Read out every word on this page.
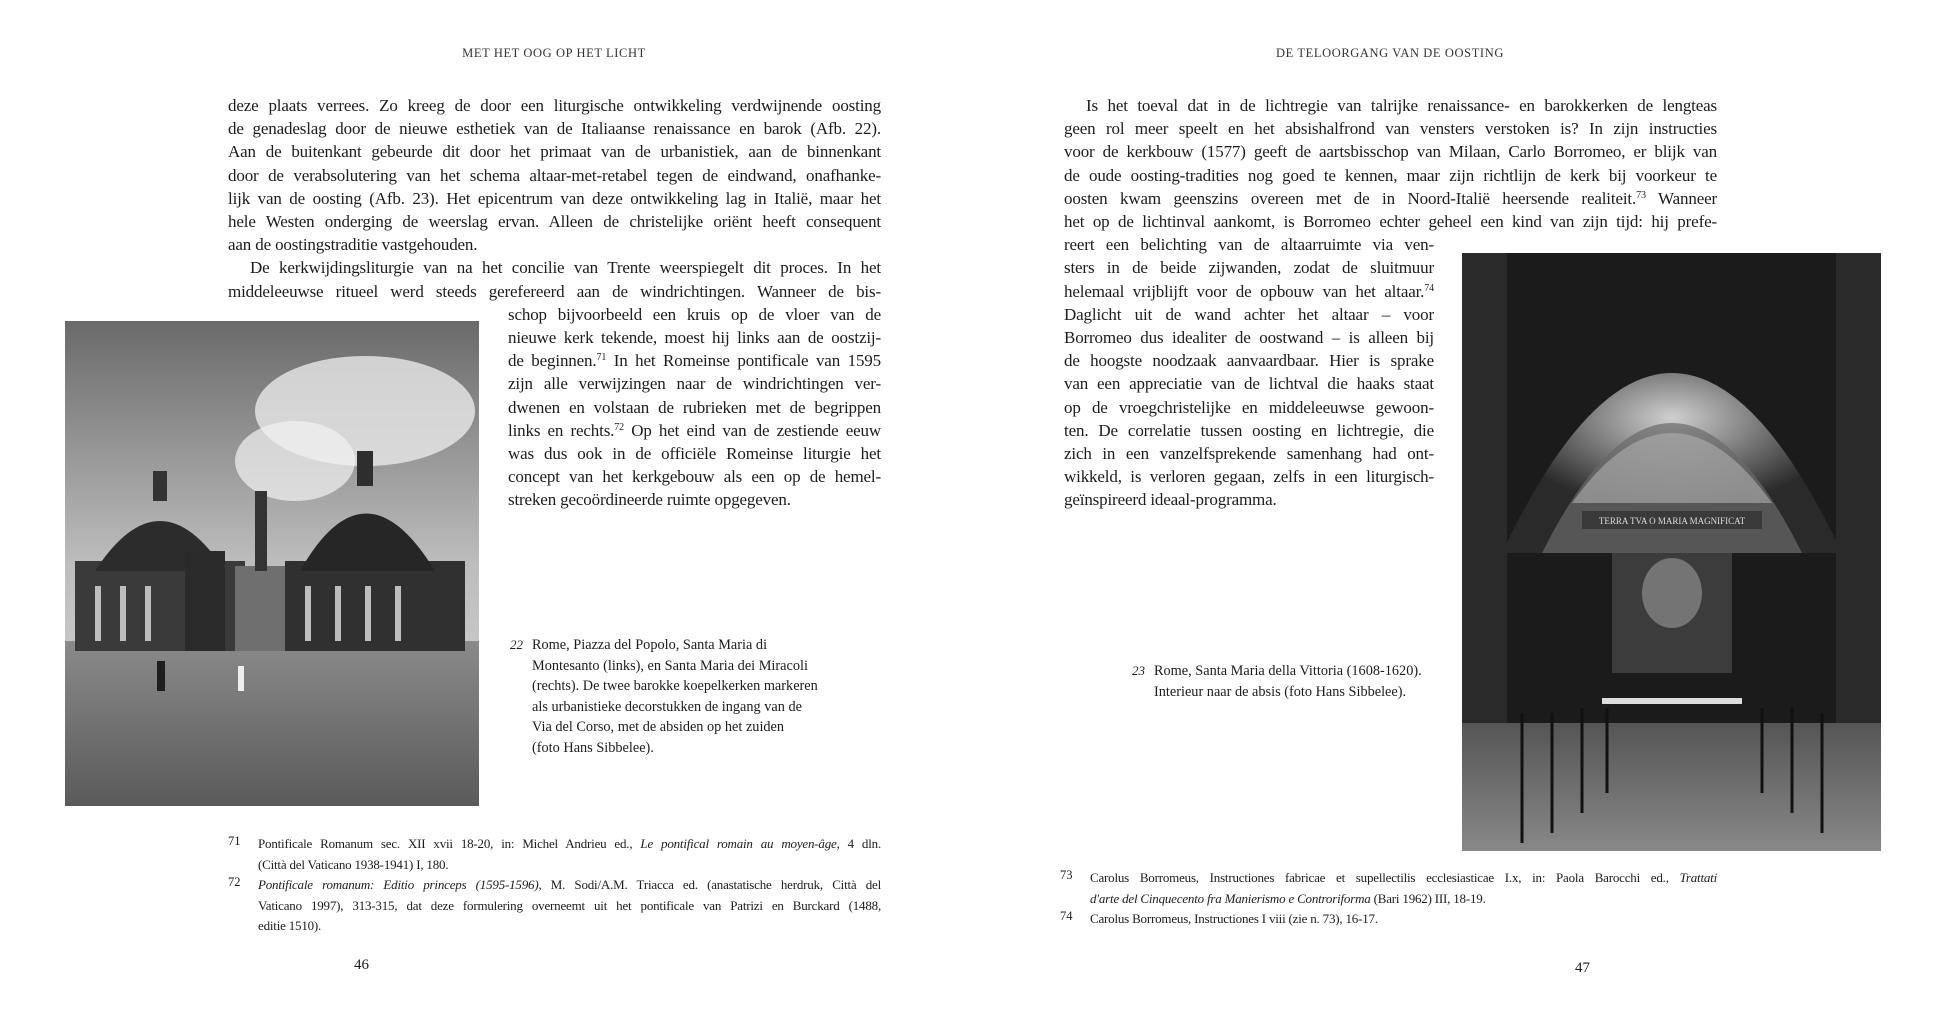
MET HET OOG OP HET LICHT
deze plaats verrees. Zo kreeg de door een liturgische ontwikkeling verdwijnende oosting
de genadeslag door de nieuwe esthetiek van de Italiaanse renaissance en barok (Afb. 22).
Aan de buitenkant gebeurde dit door het primaat van de urbanistiek, aan de binnenkant
door de verabsolutering van het schema altaar-met-retabel tegen de eindwand, onafhanke-
lijk van de oosting (Afb. 23). Het epicentrum van deze ontwikkeling lag in Italië, maar het
hele Westen onderging de weerslag ervan. Alleen de christelijke oriënt heeft consequent
aan de oostingstraditie vastgehouden.
De kerkwijdingsliturgie van na het concilie van Trente weerspiegelt dit proces. In het
middeleeuwse ritueel werd steeds gerefereerd aan de windrichtingen. Wanneer de bis-
schop bijvoorbeeld een kruis op de vloer van de
nieuwe kerk tekende, moest hij links aan de oostzij-
de beginnen.$^{71}$ In het Romeinse pontificale van 1595
zijn alle verwijzingen naar de windrichtingen ver-
dwenen en volstaan de rubrieken met de begrippen
links en rechts.$^{72}$ Op het eind van de zestiende eeuw
was dus ook in de officiële Romeinse liturgie het
concept van het kerkgebouw als een op de hemel-
streken gecoördineerde ruimte opgegeven.
22 Rome, Piazza del Popolo, Santa Maria di
Montesanto (links), en Santa Maria dei Miracoli
(rechts). De twee barokke koepelkerken markeren
als urbanistieke decorstukken de ingang van de
Via del Corso, met de absiden op het zuiden
(foto Hans Sibbelee).
71 Pontificale Romanum sec. XII xvii 18-20, in: Michel Andrieu ed., Le pontifical romain au moyen-âge, 4 dln.
(Città del Vaticano 1938-1941) I, 180.
72 Pontificale romanum: Editio princeps (1595-1596), M. Sodi/A.M. Triacca ed. (anastatische herdruk, Città del
Vaticano 1997), 313-315, dat deze formulering overneemt uit het pontificale van Patrizi en Burckard (1488,
editie 1510).
46
DE TELOORGANG VAN DE OOSTING
Is het toeval dat in de lichtregie van talrijke renaissance- en barokkerken de lengteas
geen rol meer speelt en het absishalfrond van vensters verstoken is? In zijn instructies
voor de kerkbouw (1577) geeft de aartsbisschop van Milaan, Carlo Borromeo, er blijk van
de oude oosting-tradities nog goed te kennen, maar zijn richtlijn de kerk bij voorkeur te
oosten kwam geenszins overeen met de in Noord-Italië heersende realiteit.$^{73}$ Wanneer
het op de lichtinval aankomt, is Borromeo echter geheel een kind van zijn tijd: hij prefe-
reert een belichting van de altaarruimte via ven-
sters in de beide zijwanden, zodat de sluitmuur
helemaal vrijblijft voor de opbouw van het altaar.$^{74}$
Daglicht uit de wand achter het altaar – voor
Borromeo dus idealiter de oostwand – is alleen bij
de hoogste noodzaak aanvaardbaar. Hier is sprake
van een appreciatie van de lichtval die haaks staat
op de vroegchristelijke en middeleeuwse gewoon-
ten. De correlatie tussen oosting en lichtregie, die
zich in een vanzelfsprekende samenhang had ont-
wikkeld, is verloren gegaan, zelfs in een liturgisch-
geïnspireerd ideaal-programma.
TERRA TVA O MARIA MAGNIFICAT
23 Rome, Santa Maria della Vittoria (1608-1620).
Interieur naar de absis (foto Hans Sibbelee).
73 Carolus Borromeus, Instructiones fabricae et supellectilis ecclesiasticae I.x, in: Paola Barocchi ed., Trattati
d'arte del Cinquecento fra Manierismo e Controriforma (Bari 1962) III, 18-19.
74 Carolus Borromeus, Instructiones I viii (zie n. 73), 16-17.
47
